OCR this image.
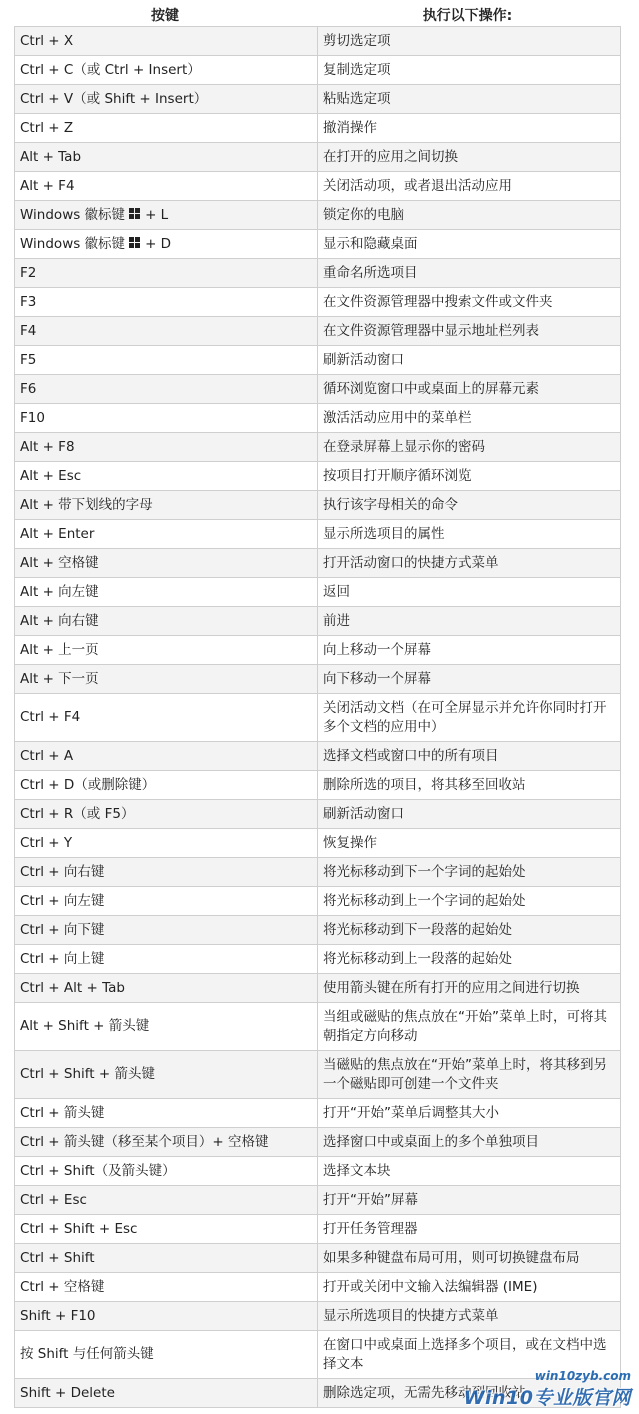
按键	执行以下操作:
Ctrl + X	剪切选定项
Ctrl + C（或 Ctrl + Insert）	复制选定项
Ctrl + V（或 Shift + Insert）	粘贴选定项
Ctrl + Z	撤消操作
Alt + Tab	在打开的应用之间切换
Alt + F4	关闭活动项，或者退出活动应用
Windows 徽标键 + L	锁定你的电脑
Windows 徽标键 + D	显示和隐藏桌面
F2	重命名所选项目
F3	在文件资源管理器中搜索文件或文件夹
F4	在文件资源管理器中显示地址栏列表
F5	刷新活动窗口
F6	循环浏览窗口中或桌面上的屏幕元素
F10	激活活动应用中的菜单栏
Alt + F8	在登录屏幕上显示你的密码
Alt + Esc	按项目打开顺序循环浏览
Alt + 带下划线的字母	执行该字母相关的命令
Alt + Enter	显示所选项目的属性
Alt + 空格键	打开活动窗口的快捷方式菜单
Alt + 向左键	返回
Alt + 向右键	前进
Alt + 上一页	向上移动一个屏幕
Alt + 下一页	向下移动一个屏幕
Ctrl + F4	关闭活动文档（在可全屏显示并允许你同时打开多个文档的应用中）
Ctrl + A	选择文档或窗口中的所有项目
Ctrl + D（或删除键）	删除所选的项目，将其移至回收站
Ctrl + R（或 F5）	刷新活动窗口
Ctrl + Y	恢复操作
Ctrl + 向右键	将光标移动到下一个字词的起始处
Ctrl + 向左键	将光标移动到上一个字词的起始处
Ctrl + 向下键	将光标移动到下一段落的起始处
Ctrl + 向上键	将光标移动到上一段落的起始处
Ctrl + Alt + Tab	使用箭头键在所有打开的应用之间进行切换
Alt + Shift + 箭头键	当组或磁贴的焦点放在“开始”菜单上时，可将其朝指定方向移动
Ctrl + Shift + 箭头键	当磁贴的焦点放在“开始”菜单上时，将其移到另一个磁贴即可创建一个文件夹
Ctrl + 箭头键	打开“开始”菜单后调整其大小
Ctrl + 箭头键（移至某个项目）+ 空格键	选择窗口中或桌面上的多个单独项目
Ctrl + Shift（及箭头键）	选择文本块
Ctrl + Esc	打开“开始”屏幕
Ctrl + Shift + Esc	打开任务管理器
Ctrl + Shift	如果多种键盘布局可用，则可切换键盘布局
Ctrl + 空格键	打开或关闭中文输入法编辑器 (IME)
Shift + F10	显示所选项目的快捷方式菜单
按 Shift 与任何箭头键	在窗口中或桌面上选择多个项目，或在文档中选择文本
Shift + Delete	删除选定项，无需先移动到回收站
win10zyb.com
Win10专业版官网
